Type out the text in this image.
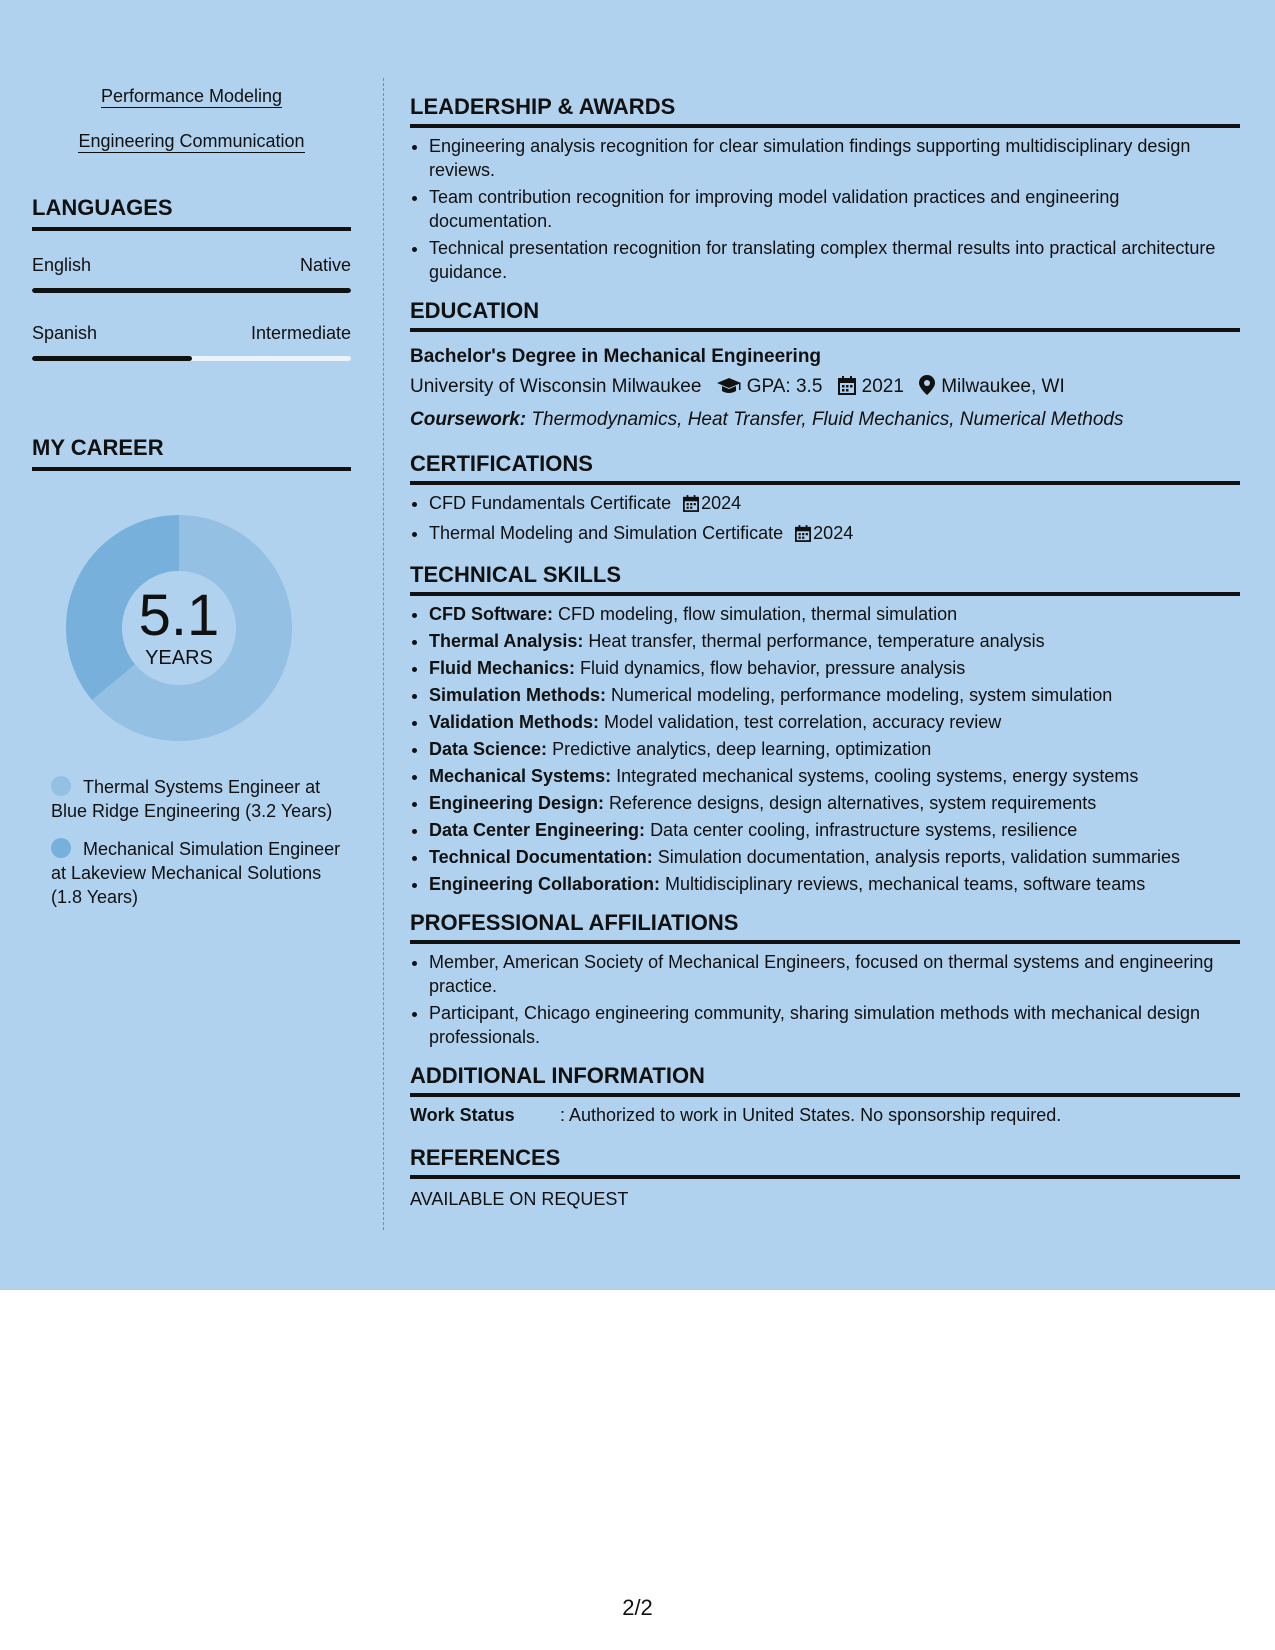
Performance Modeling
Engineering Communication
LANGUAGES
English	Native
Spanish	Intermediate
MY CAREER
5.1
YEARS
Thermal Systems Engineer at Blue Ridge Engineering (3.2 Years)
Mechanical Simulation Engineer at Lakeview Mechanical Solutions (1.8 Years)
LEADERSHIP & AWARDS
• Engineering analysis recognition for clear simulation findings supporting multidisciplinary design reviews.
• Team contribution recognition for improving model validation practices and engineering documentation.
• Technical presentation recognition for translating complex thermal results into practical architecture guidance.
EDUCATION
Bachelor's Degree in Mechanical Engineering
University of Wisconsin Milwaukee GPA: 3.5 2021 Milwaukee, WI
Coursework: Thermodynamics, Heat Transfer, Fluid Mechanics, Numerical Methods
CERTIFICATIONS
• CFD Fundamentals Certificate 2024
• Thermal Modeling and Simulation Certificate 2024
TECHNICAL SKILLS
• CFD Software: CFD modeling, flow simulation, thermal simulation
• Thermal Analysis: Heat transfer, thermal performance, temperature analysis
• Fluid Mechanics: Fluid dynamics, flow behavior, pressure analysis
• Simulation Methods: Numerical modeling, performance modeling, system simulation
• Validation Methods: Model validation, test correlation, accuracy review
• Data Science: Predictive analytics, deep learning, optimization
• Mechanical Systems: Integrated mechanical systems, cooling systems, energy systems
• Engineering Design: Reference designs, design alternatives, system requirements
• Data Center Engineering: Data center cooling, infrastructure systems, resilience
• Technical Documentation: Simulation documentation, analysis reports, validation summaries
• Engineering Collaboration: Multidisciplinary reviews, mechanical teams, software teams
PROFESSIONAL AFFILIATIONS
• Member, American Society of Mechanical Engineers, focused on thermal systems and engineering practice.
• Participant, Chicago engineering community, sharing simulation methods with mechanical design professionals.
ADDITIONAL INFORMATION
Work Status	: Authorized to work in United States. No sponsorship required.
REFERENCES
AVAILABLE ON REQUEST
2/2
